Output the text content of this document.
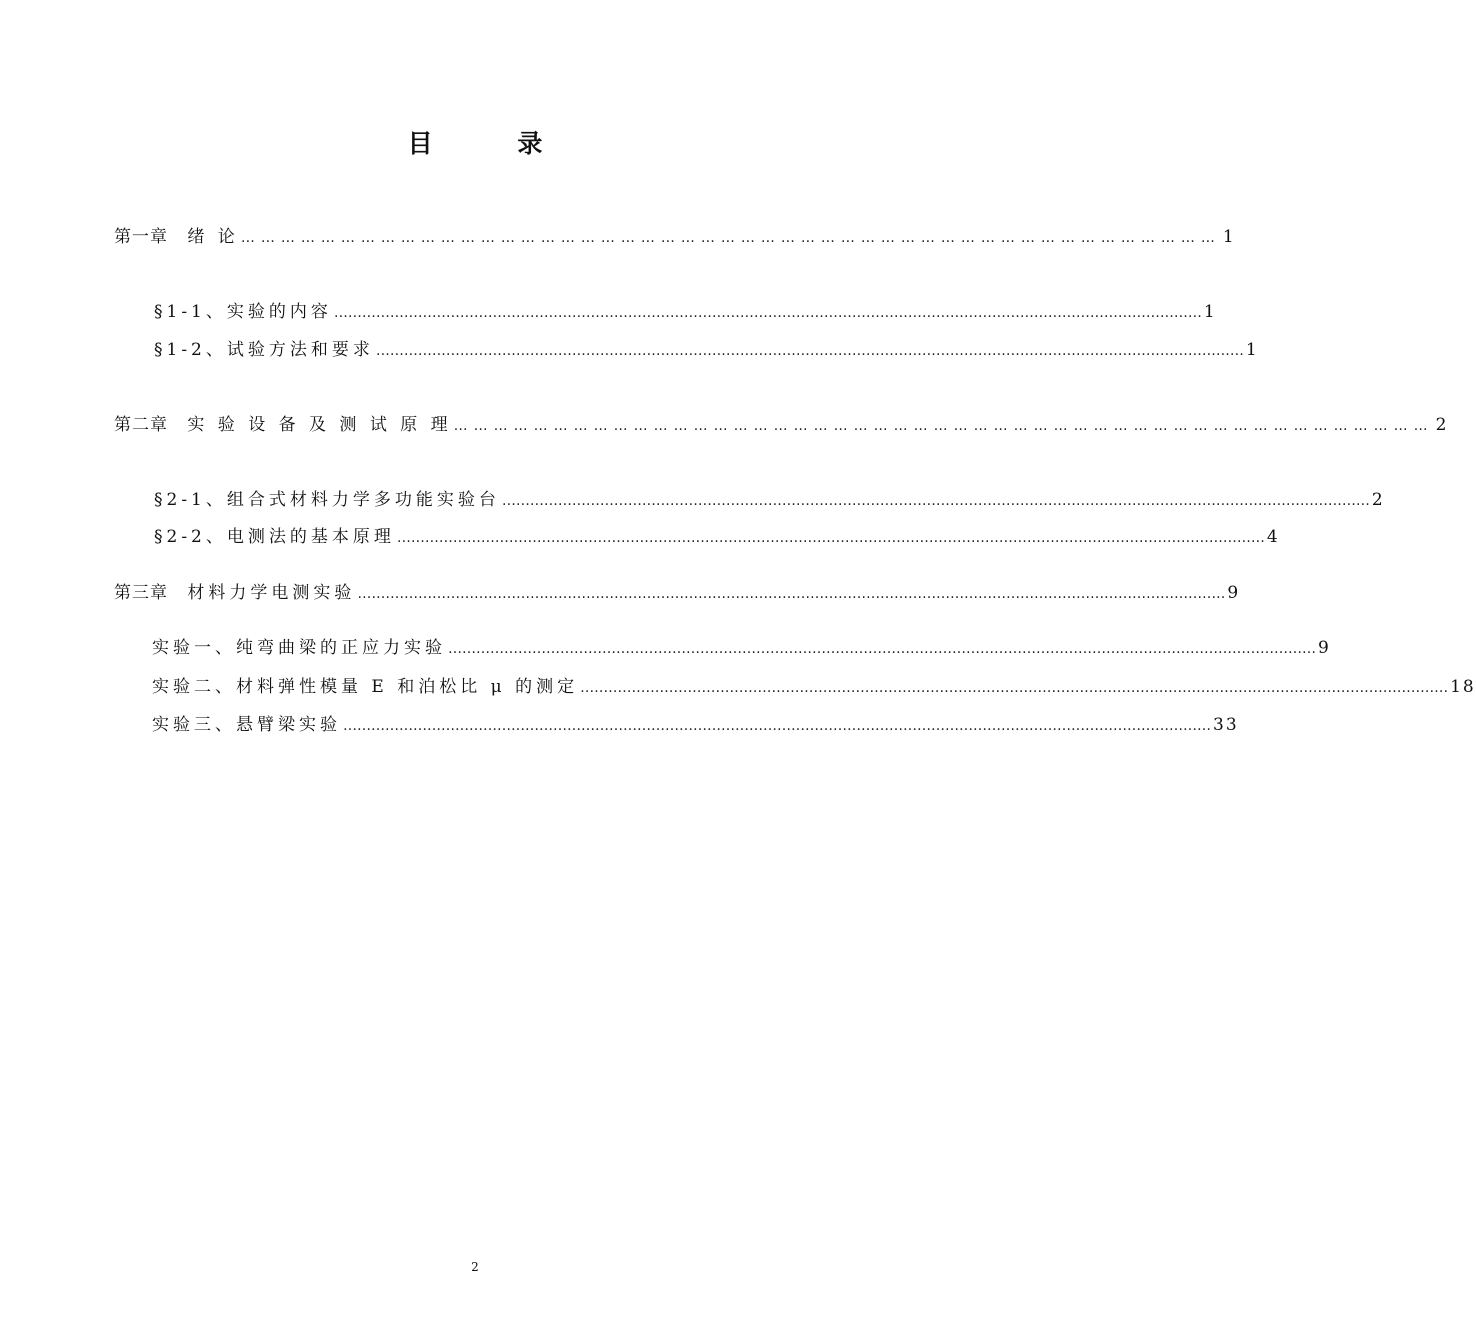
目 录
第一章 绪 论 ………………………………………………………………………………………………………………………………… 1
§1-1、实验的内容 …………………………………………………………………………………………………………………………………………………………………… 1
§1-2、试验方法和要求 …………………………………………………………………………………………………………………………………………………………………… 1
第二章 实 验 设 备 及 测 试 原 理 ………………………………………………………………………………………………………………………………… 2
§2-1、组合式材料力学多功能实验台 …………………………………………………………………………………………………………………………………………………………………… 2
§2-2、电测法的基本原理 …………………………………………………………………………………………………………………………………………………………………… 4
第三章 材料力学电测实验 …………………………………………………………………………………………………………………………………………………………………… 9
实验一、纯弯曲梁的正应力实验 …………………………………………………………………………………………………………………………………………………………………… 9
实验二、材料弹性模量 E 和泊松比 μ 的测定 …………………………………………………………………………………………………………………………………………………………………… 18
实验三、悬臂梁实验 …………………………………………………………………………………………………………………………………………………………………… 33
2
